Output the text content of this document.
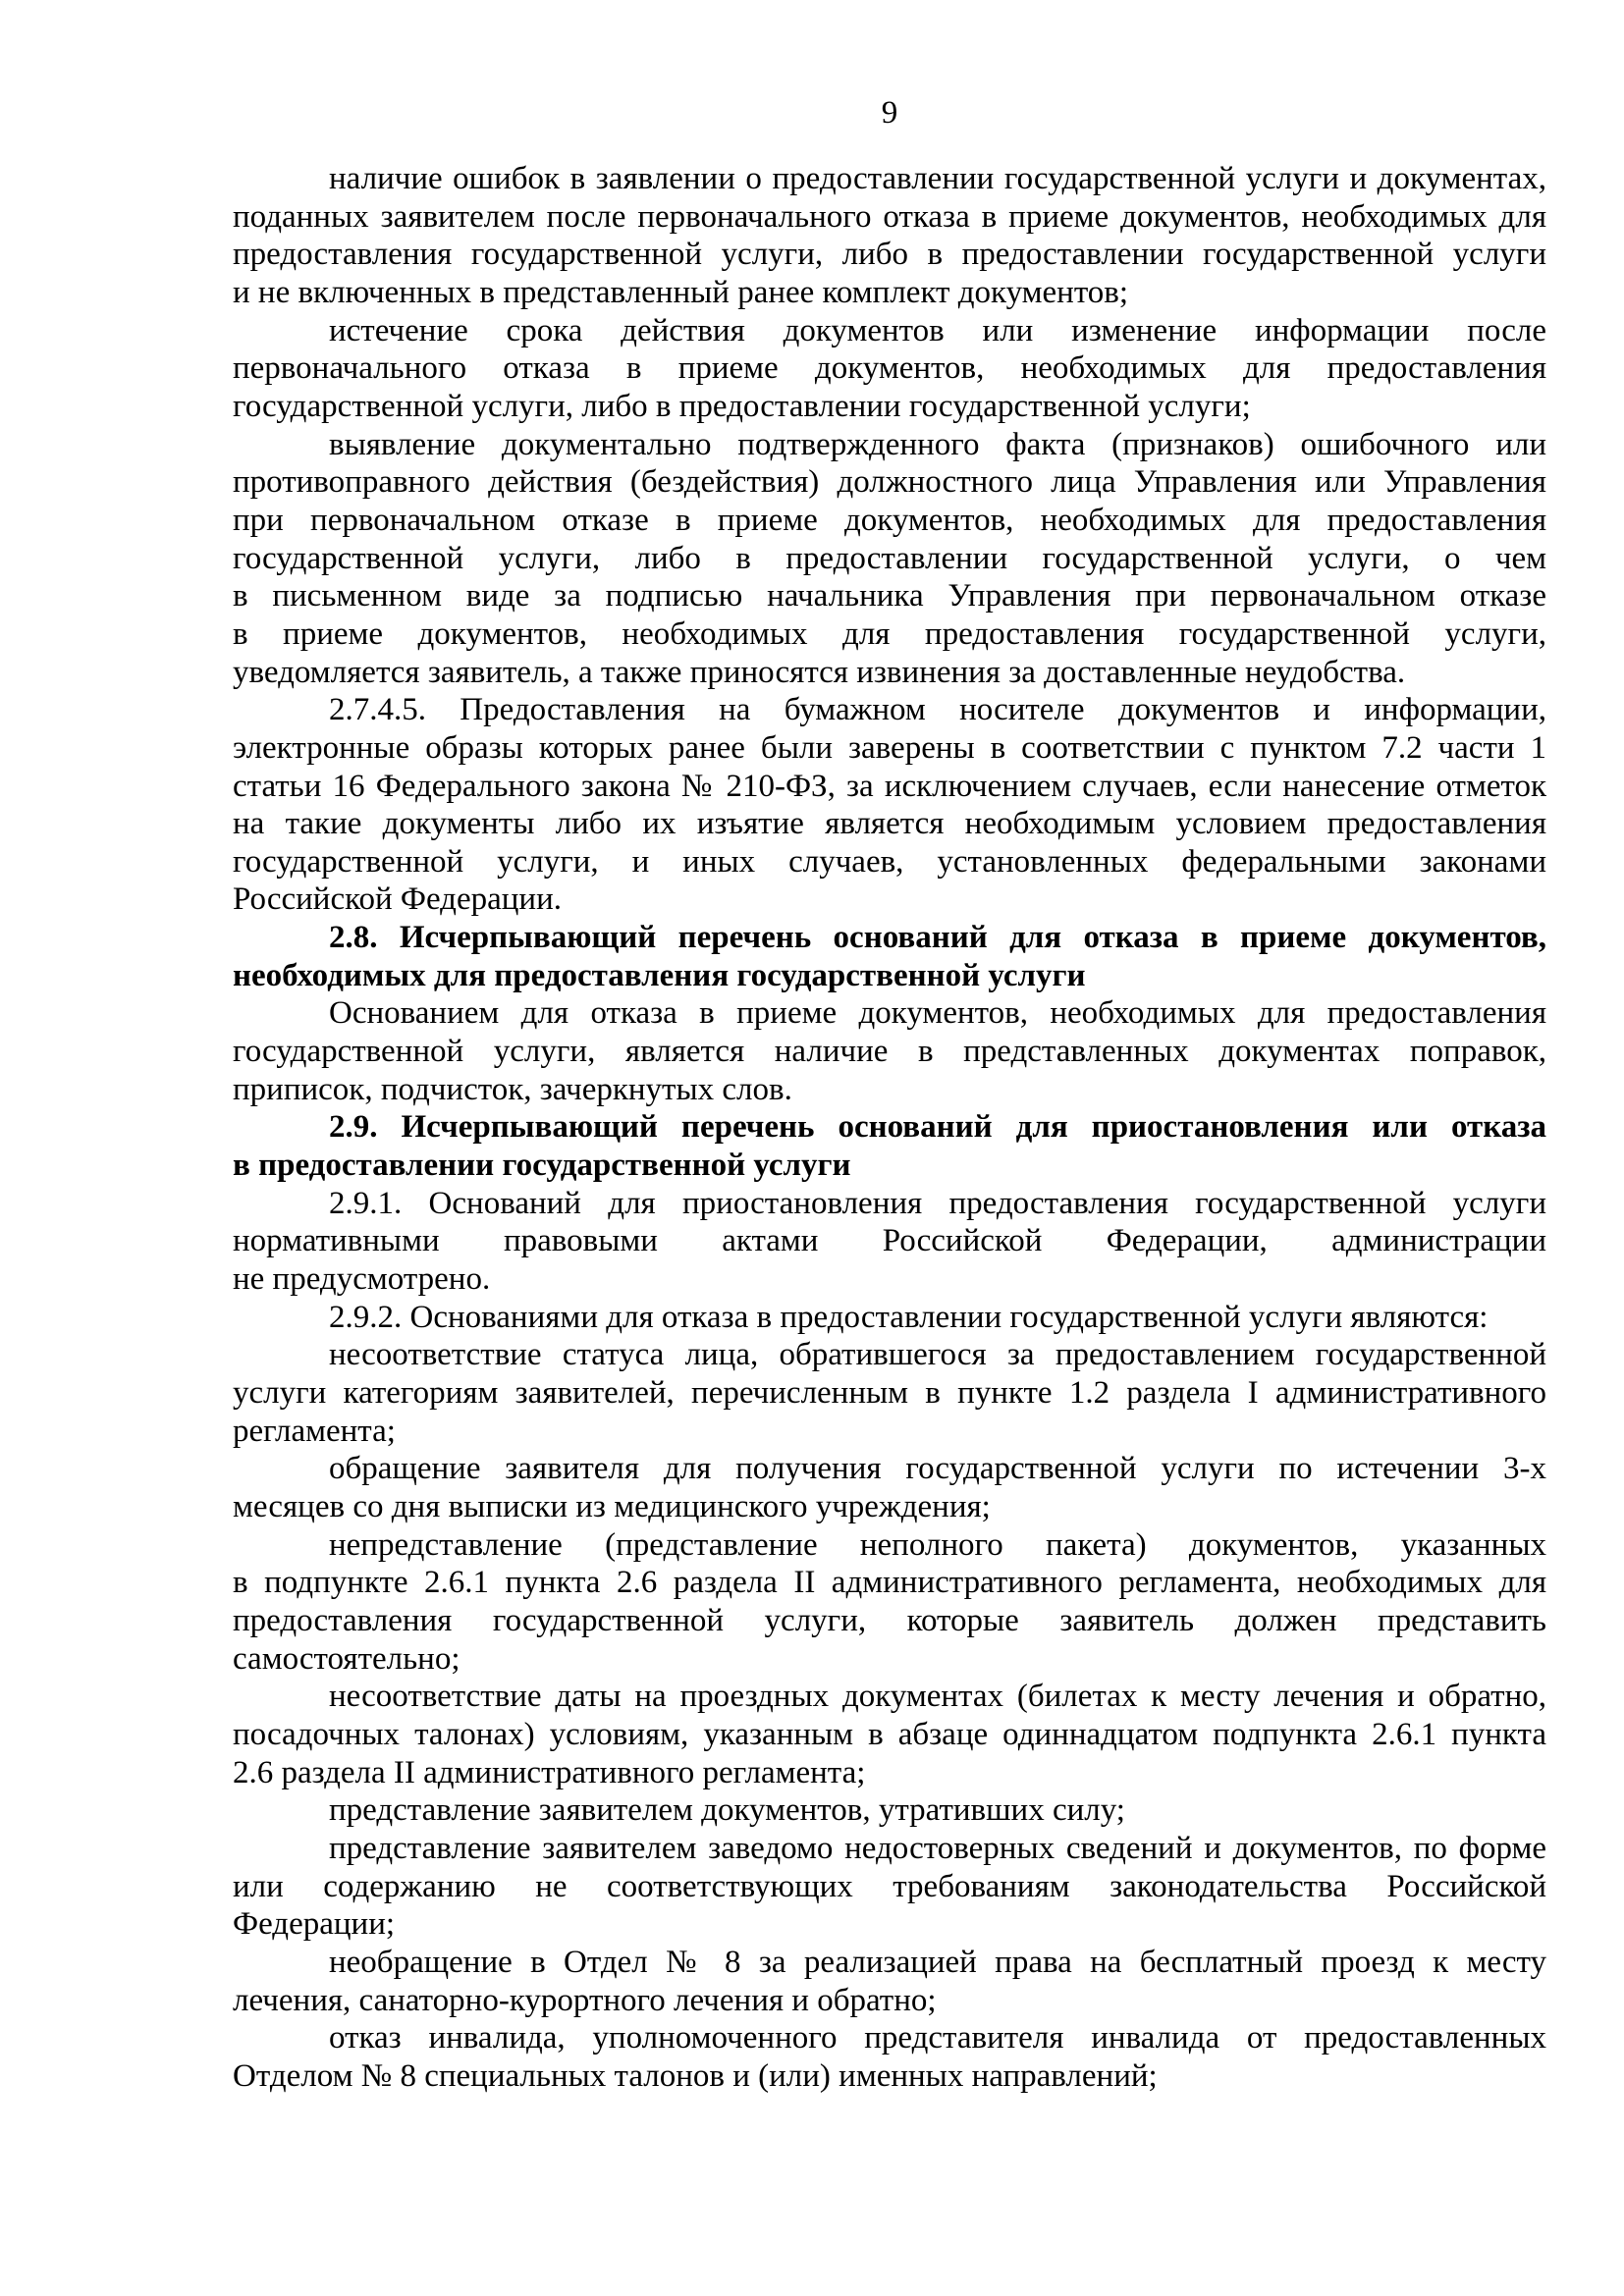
9
наличие ошибок в заявлении о предоставлении государственной услуги и документах,
поданных заявителем после первоначального отказа в приеме документов, необходимых для
предоставления государственной услуги, либо в предоставлении государственной услуги
и не включенных в представленный ранее комплект документов;
истечение срока действия документов или изменение информации после
первоначального отказа в приеме документов, необходимых для предоставления
государственной услуги, либо в предоставлении государственной услуги;
выявление документально подтвержденного факта (признаков) ошибочного или
противоправного действия (бездействия) должностного лица Управления или Управления
при первоначальном отказе в приеме документов, необходимых для предоставления
государственной услуги, либо в предоставлении государственной услуги, о чем
в письменном виде за подписью начальника Управления при первоначальном отказе
в приеме документов, необходимых для предоставления государственной услуги,
уведомляется заявитель, а также приносятся извинения за доставленные неудобства.
2.7.4.5. Предоставления на бумажном носителе документов и информации,
электронные образы которых ранее были заверены в соответствии с пунктом 7.2 части 1
статьи 16 Федерального закона № 210-ФЗ, за исключением случаев, если нанесение отметок
на такие документы либо их изъятие является необходимым условием предоставления
государственной услуги, и иных случаев, установленных федеральными законами
Российской Федерации.
2.8. Исчерпывающий перечень оснований для отказа в приеме документов,
необходимых для предоставления государственной услуги
Основанием для отказа в приеме документов, необходимых для предоставления
государственной услуги, является наличие в представленных документах поправок,
приписок, подчисток, зачеркнутых слов.
2.9. Исчерпывающий перечень оснований для приостановления или отказа
в предоставлении государственной услуги
2.9.1. Оснований для приостановления предоставления государственной услуги
нормативными правовыми актами Российской Федерации, администрации
не предусмотрено.
2.9.2. Основаниями для отказа в предоставлении государственной услуги являются:
несоответствие статуса лица, обратившегося за предоставлением государственной
услуги категориям заявителей, перечисленным в пункте 1.2 раздела I административного
регламента;
обращение заявителя для получения государственной услуги по истечении 3-х
месяцев со дня выписки из медицинского учреждения;
непредставление (представление неполного пакета) документов, указанных
в подпункте 2.6.1 пункта 2.6 раздела II административного регламента, необходимых для
предоставления государственной услуги, которые заявитель должен представить
самостоятельно;
несоответствие даты на проездных документах (билетах к месту лечения и обратно,
посадочных талонах) условиям, указанным в абзаце одиннадцатом подпункта 2.6.1 пункта
2.6 раздела II административного регламента;
представление заявителем документов, утративших силу;
представление заявителем заведомо недостоверных сведений и документов, по форме
или содержанию не соответствующих требованиям законодательства Российской
Федерации;
необращение в Отдел № 8 за реализацией права на бесплатный проезд к месту
лечения, санаторно-курортного лечения и обратно;
отказ инвалида, уполномоченного представителя инвалида от предоставленных
Отделом № 8 специальных талонов и (или) именных направлений;
